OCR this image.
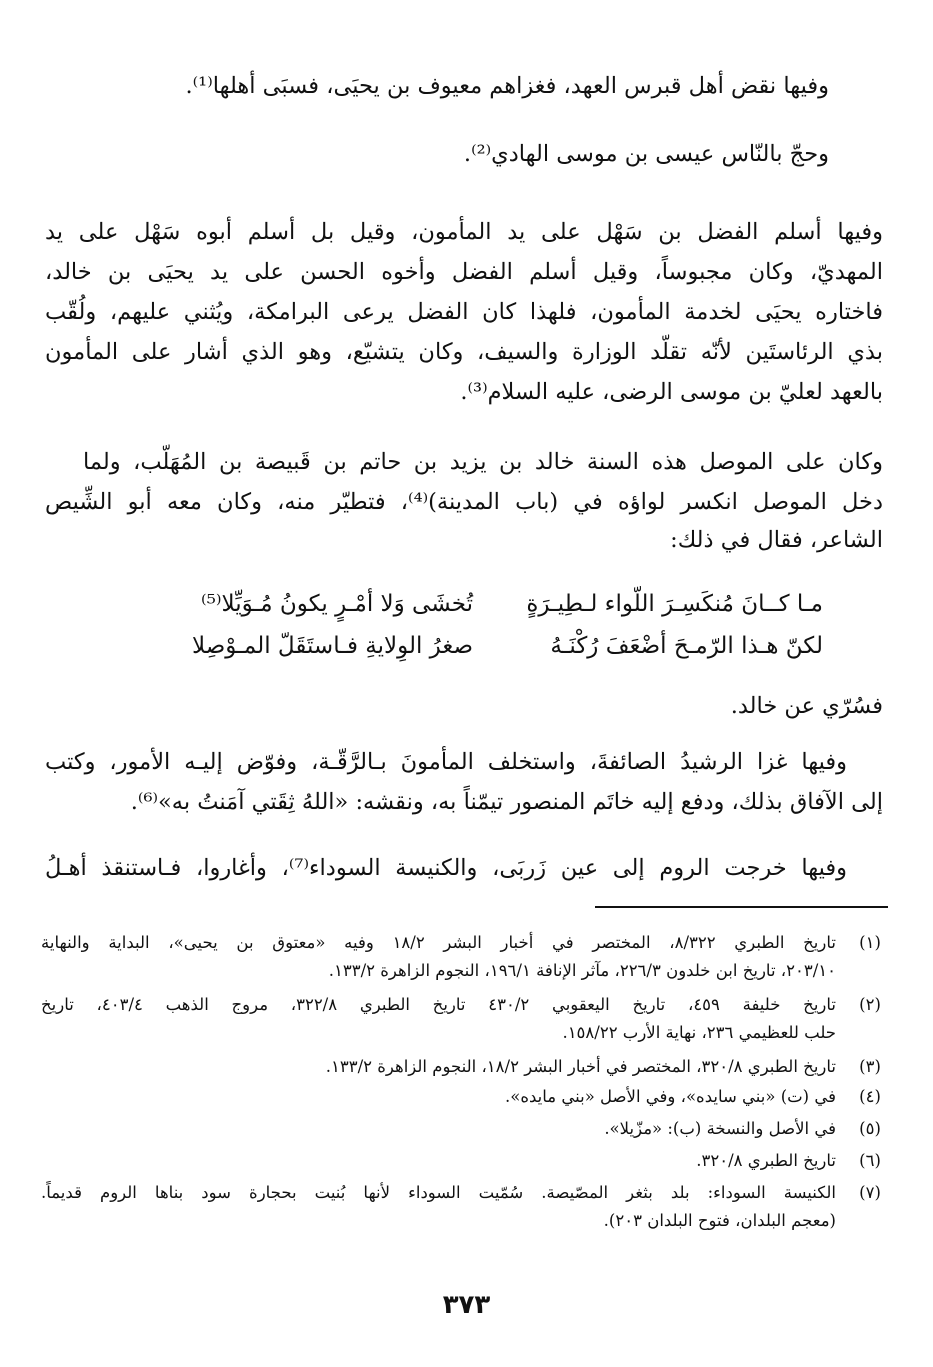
وفيها نقض أهل قبرس العهد، فغزاهم معيوف بن يحيَى، فسبَى أهلها⁽¹⁾.
وحجّ بالنّاس عيسى بن موسى الهادي⁽²⁾.
وفيها أسلم الفضل بن سَهْل على يد المأمون، وقيل بل أسلم أبوه سَهْل على يد
المهديّ، وكان مجبوساً، وقيل أسلم الفضل وأخوه الحسن على يد يحيَى بن خالد،
فاختاره يحيَى لخدمة المأمون، فلهذا كان الفضل يرعى البرامكة، ويُثني عليهم، ولُقّب
بذي الرئاستَين لأنّه تقلّد الوزارة والسيف، وكان يتشيّع، وهو الذي أشار على المأمون
بالعهد لعليّ بن موسى الرضى، عليه السلام⁽³⁾.
وكان على الموصل هذه السنة خالد بن يزيد بن حاتم بن قَبيصة بن المُهَلّب، ولما
دخل الموصل انكسر لواؤه في (باب المدينة)⁽⁴⁾، فتطيّر منه، وكان معه أبو الشِّيص
الشاعر، فقال في ذلك:
مـا كــانَ مُنكَسِـرَ اللّواء لـطِيـرَةٍ
تُخشَى وَلا أمْـرٍ يكونُ مُـوَيِّلا⁽⁵⁾
لكنّ هـذا الرّمـحَ أضْعَفَ رُكْنَـهُ
صغرُ الوِلايةِ فـاستَقَلّ المـوْصِلا
فسُرّي عن خالد.
وفيها غزا الرشيدُ الصائفةَ، واستخلف المأمونَ بـالرَّقّـة، وفوّض إليـه الأمور، وكتب
إلى الآفاق بذلك، ودفع إليه خاتَم المنصور تيمّناً به، ونقشه: «اللهُ ثِقَتي آمَنتُ به»⁽⁶⁾.
وفيها خرجت الروم إلى عين زَربَى، والكنيسة السوداء⁽⁷⁾، وأغاروا، فـاستنقذ أهـلُ
(١)
تاريخ الطبري ٨/٣٢٢، المختصر في أخبار البشر ١٨/٢ وفيه «معتوق بن يحيى»، البداية والنهاية
٢٠٣/١٠، تاريخ ابن خلدون ٢٢٦/٣، مآثر الإنافة ١٩٦/١، النجوم الزاهرة ١٣٣/٢.
(٢)
تاريخ خليفة ٤٥٩، تاريخ اليعقوبي ٤٣٠/٢ تاريخ الطبري ٣٢٢/٨، مروج الذهب ٤٠٣/٤، تاريخ
حلب للعظيمي ٢٣٦، نهاية الأرب ١٥٨/٢٢.
(٣)
تاريخ الطبري ٣٢٠/٨، المختصر في أخبار البشر ١٨/٢، النجوم الزاهرة ١٣٣/٢.
(٤)
في (ت) «بني سايده»، وفي الأصل «بني مايده».
(٥)
في الأصل والنسخة (ب): «مزّيلا».
(٦)
تاريخ الطبري ٣٢٠/٨.
(٧)
الكنيسة السوداء: بلد بثغر المصّيصة. سُمّيت السوداء لأنها بُنيت بحجارة سود بناها الروم قديماً.
(معجم البلدان، فتوح البلدان ٢٠٣).
٣٧٣
